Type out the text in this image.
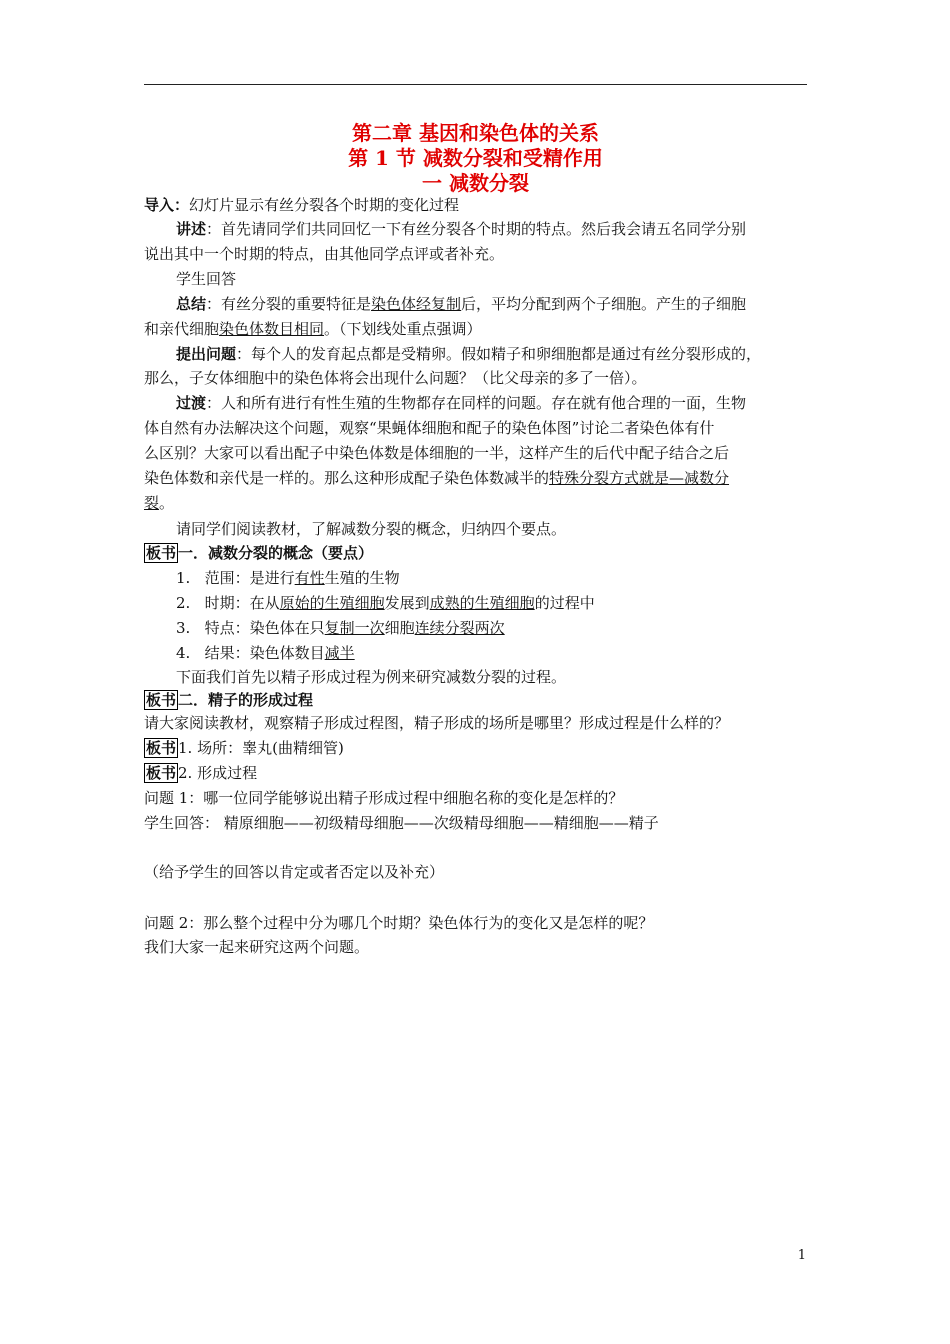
第二章 基因和染色体的关系
第 1 节 减数分裂和受精作用
一 减数分裂
导入：幻灯片显示有丝分裂各个时期的变化过程
讲述：首先请同学们共同回忆一下有丝分裂各个时期的特点。然后我会请五名同学分别
说出其中一个时期的特点，由其他同学点评或者补充。
学生回答
总结：有丝分裂的重要特征是染色体经复制后，平均分配到两个子细胞。产生的子细胞
和亲代细胞染色体数目相同。（下划线处重点强调）
提出问题：每个人的发育起点都是受精卵。假如精子和卵细胞都是通过有丝分裂形成的，
那么，子女体细胞中的染色体将会出现什么问题？（比父母亲的多了一倍）。
过渡：人和所有进行有性生殖的生物都存在同样的问题。存在就有他合理的一面，生物
体自然有办法解决这个问题，观察“果蝇体细胞和配子的染色体图”讨论二者染色体有什
么区别？大家可以看出配子中染色体数是体细胞的一半，这样产生的后代中配子结合之后
染色体数和亲代是一样的。那么这种形成配子染色体数减半的特殊分裂方式就是—减数分
裂。
请同学们阅读教材，了解减数分裂的概念，归纳四个要点。
板书 一．减数分裂的概念（要点）
1. 范围：是进行有性生殖的生物
2. 时期：在从原始的生殖细胞发展到成熟的生殖细胞的过程中
3. 特点：染色体在只复制一次细胞连续分裂两次
4. 结果：染色体数目减半
下面我们首先以精子形成过程为例来研究减数分裂的过程。
板书 二．精子的形成过程
请大家阅读教材，观察精子形成过程图，精子形成的场所是哪里？形成过程是什么样的？
板书 1. 场所：睾丸(曲精细管)
板书 2. 形成过程
问题 1：哪一位同学能够说出精子形成过程中细胞名称的变化是怎样的？
学生回答： 精原细胞——初级精母细胞——次级精母细胞——精细胞——精子
（给予学生的回答以肯定或者否定以及补充）
问题 2：那么整个过程中分为哪几个时期？染色体行为的变化又是怎样的呢？
我们大家一起来研究这两个问题。
1
